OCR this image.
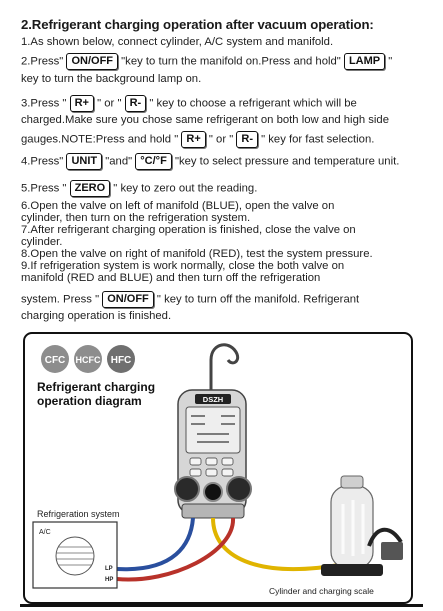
2.Refrigerant charging operation after vacuum operation:
1.As shown below, connect cylinder, A/C system and manifold.
2.Press" ON/OFF "key to turn the manifold on.Press and hold" LAMP "
key to turn the background lamp on.
3.Press " R+ " or " R- " key to choose a refrigerant which will be
charged.Make sure you chose same refrigerant on both low and high side
gauges.NOTE:Press and hold " R+ " or " R- " key for fast selection.
4.Press" UNIT "and" °C/°F "key to select pressure and temperature unit.
5.Press " ZERO " key to zero out the reading.
6.Open the valve on left of manifold (BLUE), open the valve on
cylinder, then turn on the refrigeration system.
7.After refrigerant charging operation is finished, close the valve on
cylinder.
8.Open the valve on right of manifold (RED), test the system pressure.
9.If refrigeration system is work normally, close the both valve on
manifold (RED and BLUE) and then turn off the refrigeration
system. Press " ON/OFF " key to turn off the manifold. Refrigerant
charging operation is finished.
CFC HCFC HFC
Refrigerant charging
operation diagram	DSZH
Refrigeration system
A/C
LP
HP
Cylinder and charging scale
